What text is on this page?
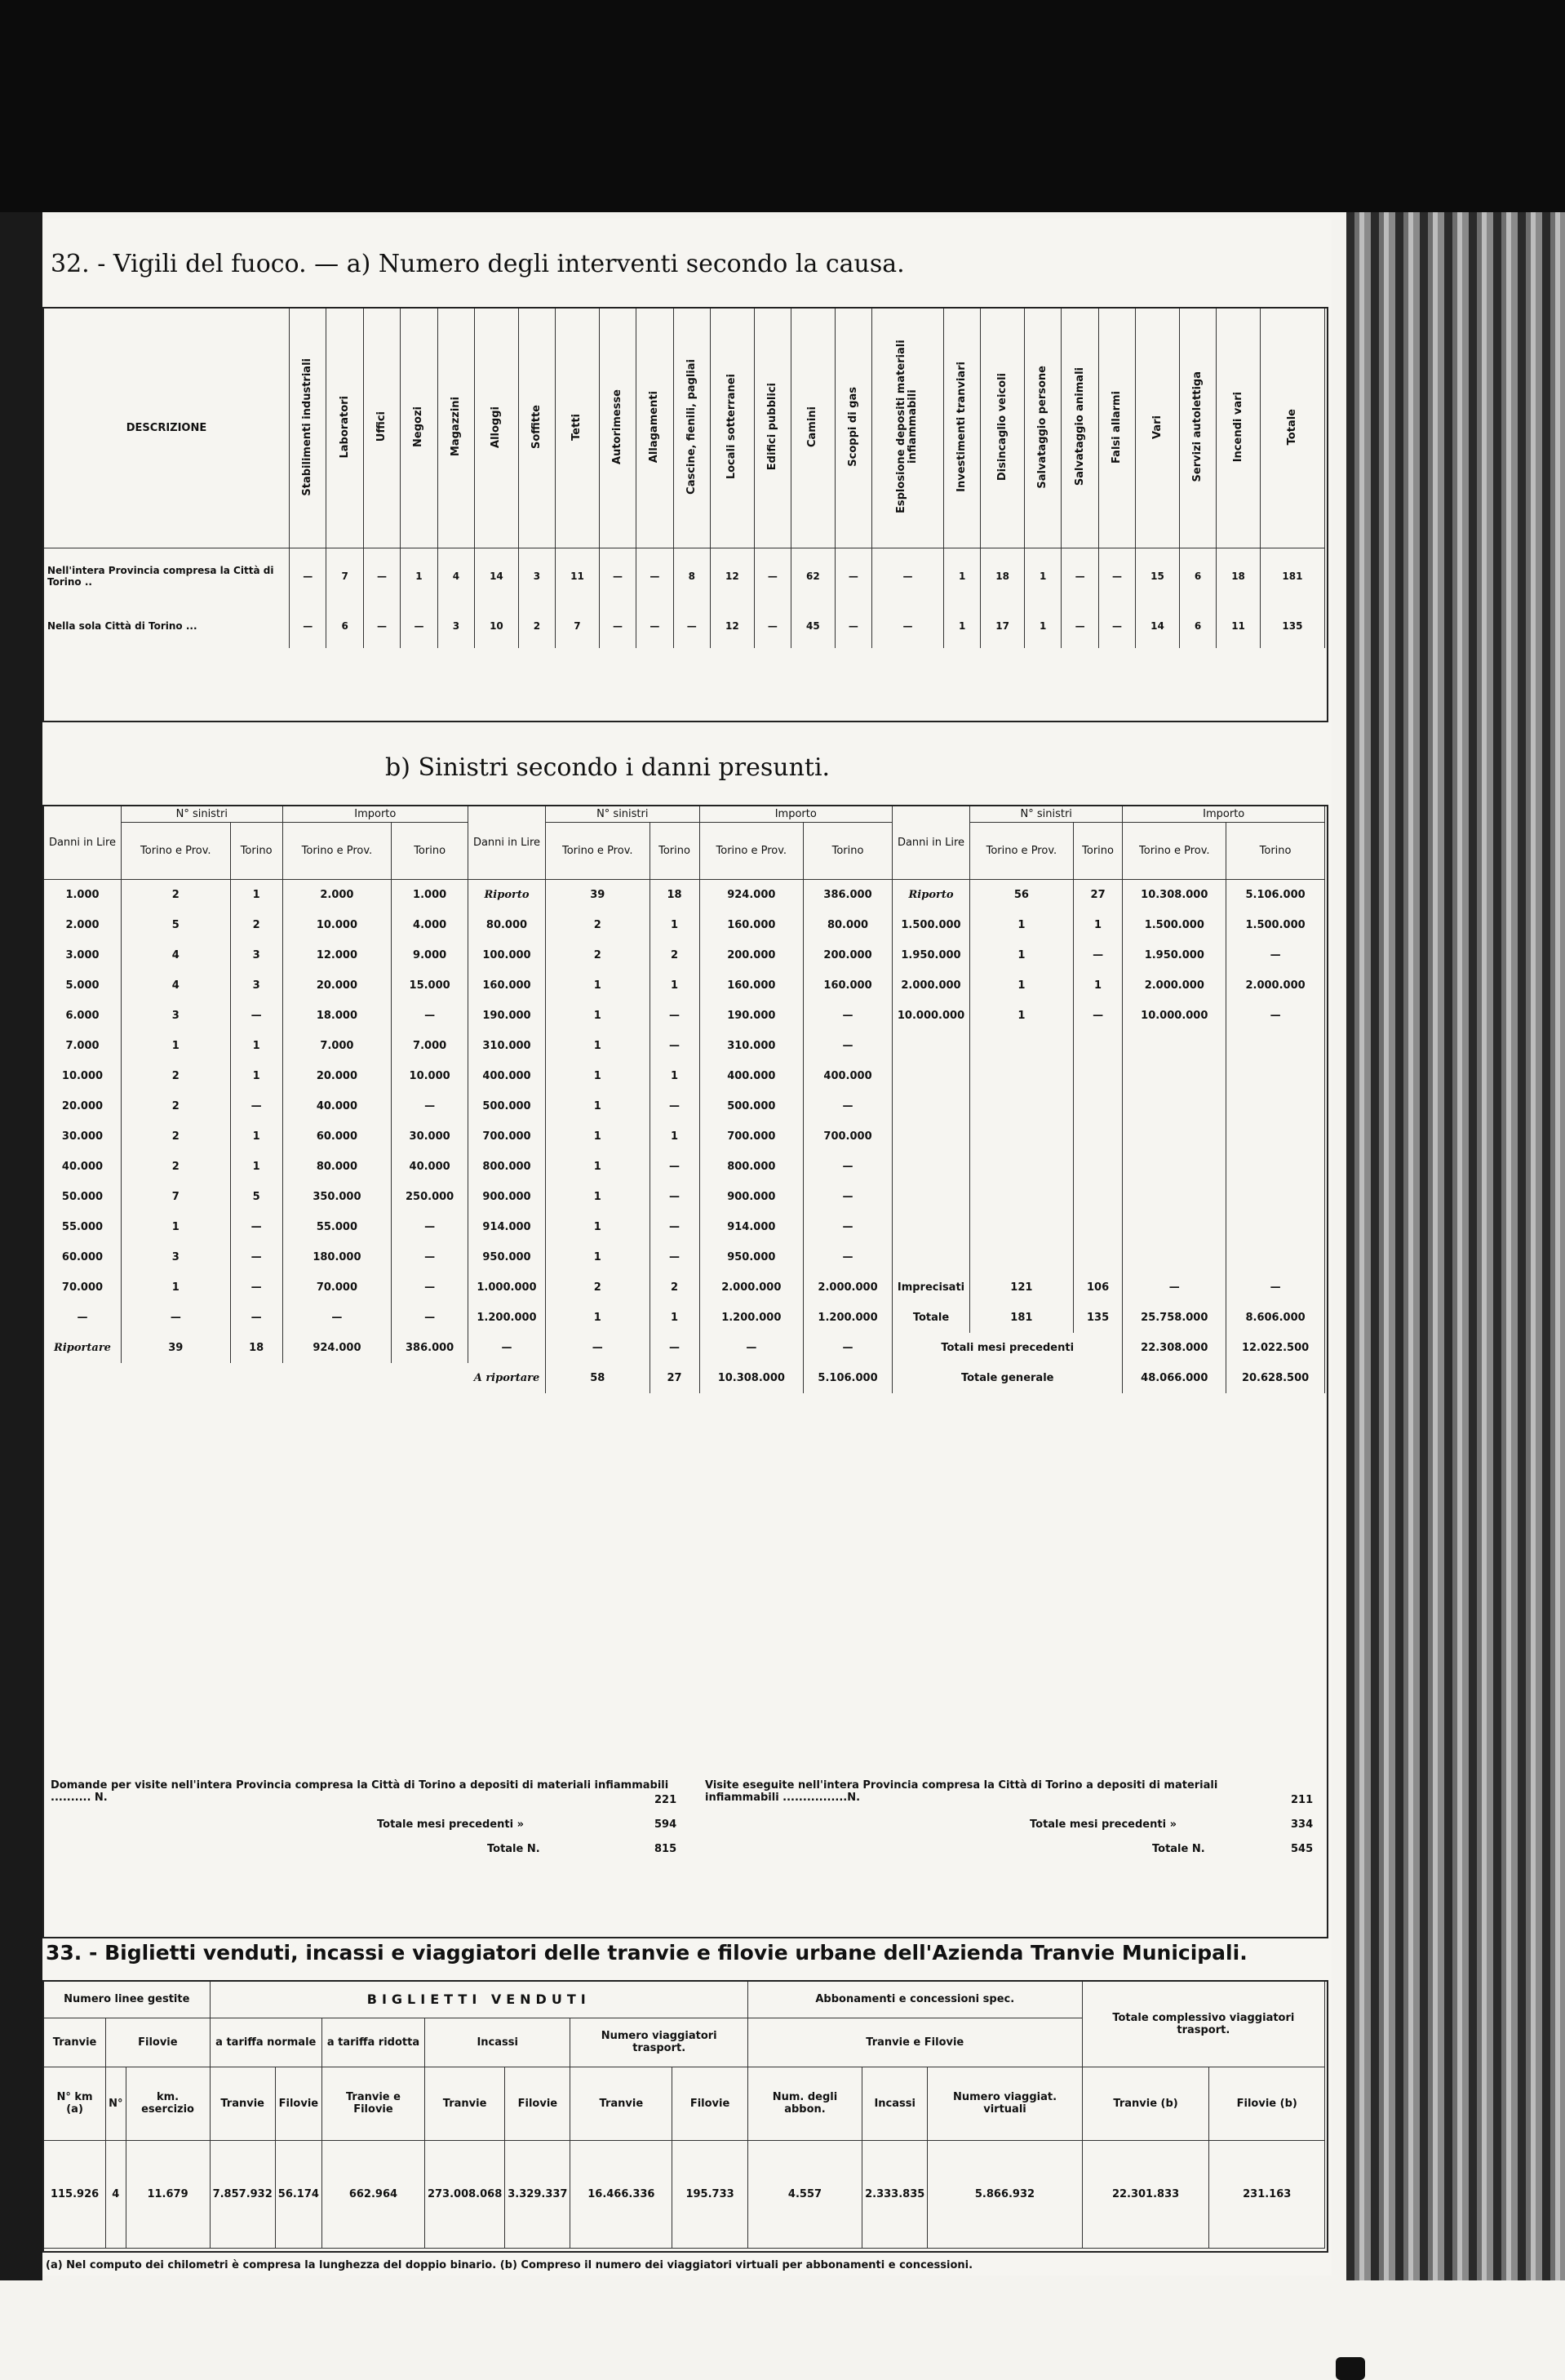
32. - Vigili del fuoco. — a) Numero degli interventi secondo la causa.
DESCRIZIONE	Stabilimenti industriali	Laboratori	Uffici	Negozi	Magazzini	Alloggi	Soffitte	Tetti	Autorimesse	Allagamenti	Cascine, fienili, pagliai	Locali sotterranei	Edifici pubblici	Camini	Scoppi di gas	Esplosione depositi materiali infiammabili	Investimenti tranviari	Disincaglio veicoli	Salvataggio persone	Salvataggio animali	Falsi allarmi	Vari	Servizi autolettiga	Incendi vari	Totale
Nell'intera Provincia compresa la Città di Torino ..	—	7	—	1	4	14	3	11	—	—	8	12	—	62	—	—	1	18	1	—	—	15	6	18	181
Nella sola Città di Torino ...	—	6	—	—	3	10	2	7	—	—	—	12	—	45	—	—	1	17	1	—	—	14	6	11	135
b) Sinistri secondo i danni presunti.
Danni in Lire	N° sinistri		Importo	
	Torino e Prov.	Torino	Torino e Prov.	Torino
1.000	2	1	2.000	1.000
2.000	5	2	10.000	4.000
3.000	4	3	12.000	9.000
5.000	4	3	20.000	15.000
6.000	3	—	18.000	—
7.000	1	1	7.000	7.000
10.000	2	1	20.000	10.000
20.000	2	—	40.000	—
30.000	2	1	60.000	30.000
40.000	2	1	80.000	40.000
50.000	7	5	350.000	250.000
55.000	1	—	55.000	—
60.000	3	—	180.000	—
70.000	1	—	70.000	—
—	—	—	—	—
Riportare	39	18	924.000	386.000
Danni in Lire	N° sinistri		Importo	
	Torino e Prov.	Torino	Torino e Prov.	Torino
Riporto	39	18	924.000	386.000
80.000	2	1	160.000	80.000
100.000	2	2	200.000	200.000
160.000	1	1	160.000	160.000
190.000	1	—	190.000	—
310.000	1	—	310.000	—
400.000	1	1	400.000	400.000
500.000	1	—	500.000	—
700.000	1	1	700.000	700.000
800.000	1	—	800.000	—
900.000	1	—	900.000	—
914.000	1	—	914.000	—
950.000	1	—	950.000	—
1.000.000	2	2	2.000.000	2.000.000
1.200.000	1	1	1.200.000	1.200.000
—	—	—	—	—
A riportare	58	27	10.308.000	5.106.000
Danni in Lire	N° sinistri		Importo	
	Torino e Prov.	Torino	Torino e Prov.	Torino
Riporto	56	27	10.308.000	5.106.000
1.500.000	1	1	1.500.000	1.500.000
1.950.000	1	—	1.950.000	—
2.000.000	1	1	2.000.000	2.000.000
10.000.000	1	—	10.000.000	—

Imprecisati	121	106	—	—
Totale	181	135	25.758.000	8.606.000
Totali mesi precedenti			22.308.000	12.022.500
Totale generale			48.066.000	20.628.500
Domande per visite nell'intera Provincia compresa la Città di Torino a depositi di materiali infiammabili .......... N.	221
Totale mesi precedenti »	594
Totale N.	815
Visite eseguite nell'intera Provincia compresa la Città di Torino a depositi di materiali infiammabili ................N.	211
Totale mesi precedenti »	334
Totale N.	545
33. - Biglietti venduti, incassi e viaggiatori delle tranvie e filovie urbane dell'Azienda Tranvie Municipali.
Numero linee gestite			BIGLIETTI VENDUTI							Abbonamenti e concessioni spec.			Totale complessivo viaggiatori trasport.	
Tranvie	Filovie		a tariffa normale		a tariffa ridotta	Incassi		Numero viaggiatori trasport.		Tranvie e Filovie				
N° km (a)	N°	km. esercizio	Tranvie	Filovie	Tranvie e Filovie	Tranvie	Filovie	Tranvie	Filovie	Num. degli abbon.	Incassi	Numero viaggiat. virtuali	Tranvie (b)	Filovie (b)
115.926	4	11.679	7.857.932	56.174	662.964	273.008.068	3.329.337	16.466.336	195.733	4.557	2.333.835	5.866.932	22.301.833	231.163
(a) Nel computo dei chilometri è compresa la lunghezza del doppio binario. (b) Compreso il numero dei viaggiatori virtuali per abbonamenti e concessioni.
